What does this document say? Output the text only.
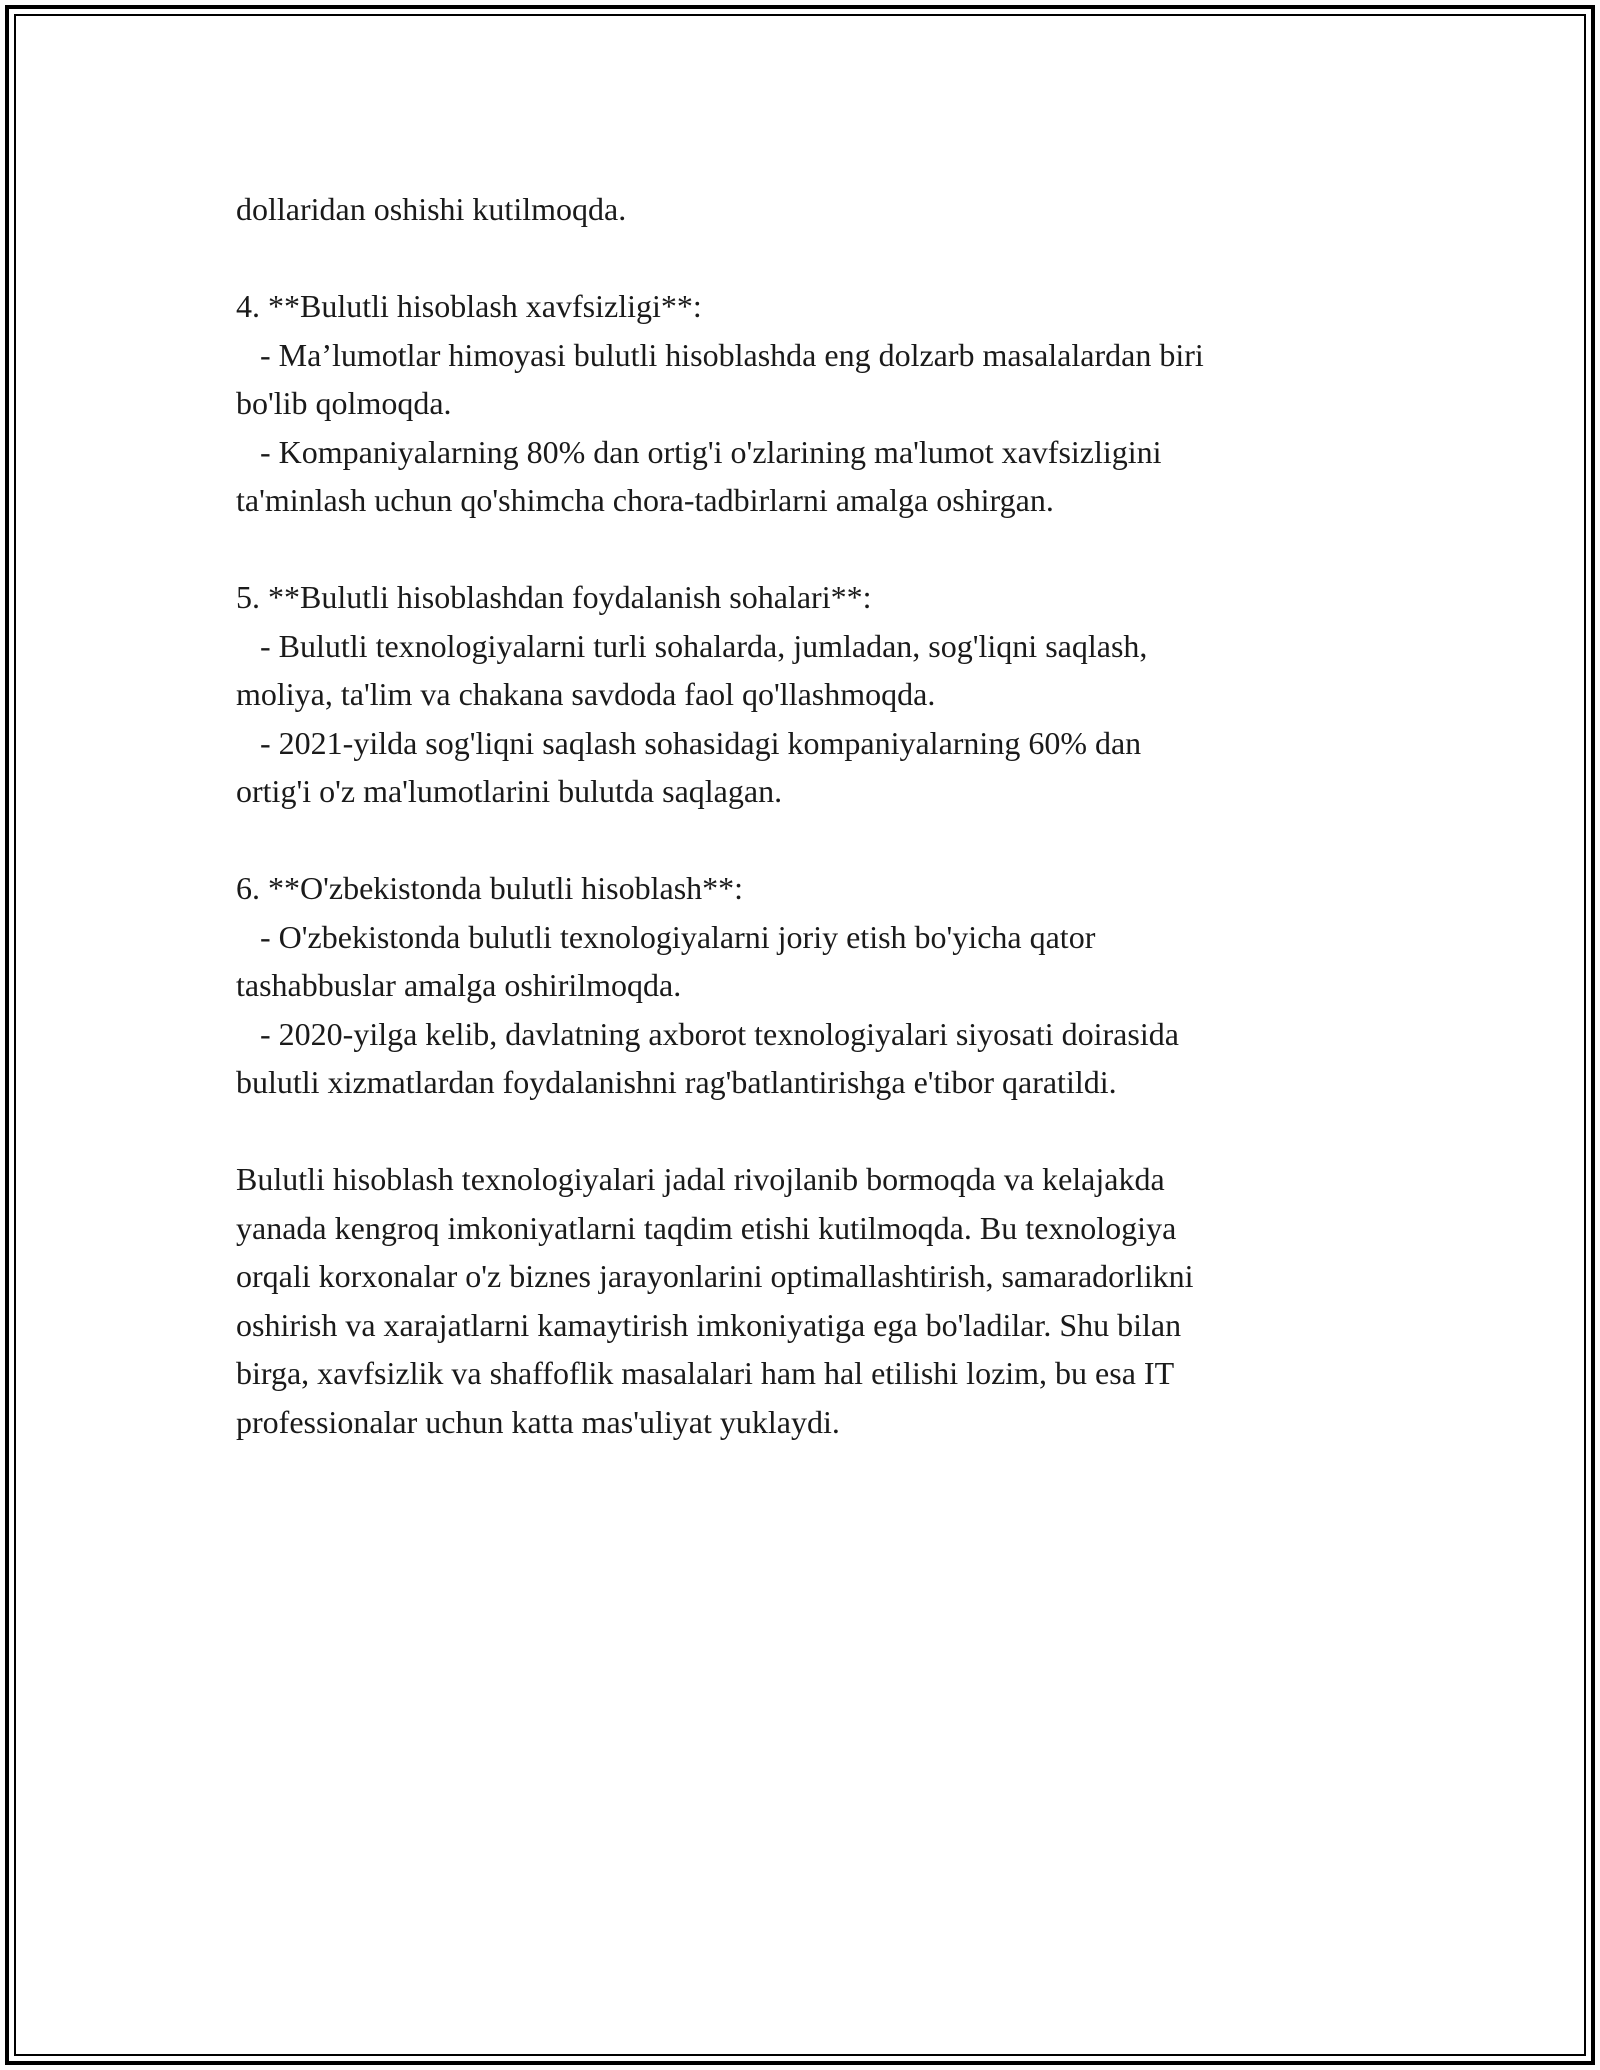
dollaridan oshishi kutilmoqda.

4. **Bulutli hisoblash xavfsizligi**:

- Ma’lumotlar himoyasi bulutli hisoblashda eng dolzarb masalalardan biri

bo'lib qolmoqda.

- Kompaniyalarning 80% dan ortig'i o'zlarining ma'lumot xavfsizligini

ta'minlash uchun qo'shimcha chora-tadbirlarni amalga oshirgan.

5. **Bulutli hisoblashdan foydalanish sohalari**:

- Bulutli texnologiyalarni turli sohalarda, jumladan, sog'liqni saqlash,

moliya, ta'lim va chakana savdoda faol qo'llashmoqda.

- 2021-yilda sog'liqni saqlash sohasidagi kompaniyalarning 60% dan

ortig'i o'z ma'lumotlarini bulutda saqlagan.

6. **O'zbekistonda bulutli hisoblash**:

- O'zbekistonda bulutli texnologiyalarni joriy etish bo'yicha qator

tashabbuslar amalga oshirilmoqda.

- 2020-yilga kelib, davlatning axborot texnologiyalari siyosati doirasida

bulutli xizmatlardan foydalanishni rag'batlantirishga e'tibor qaratildi.

Bulutli hisoblash texnologiyalari jadal rivojlanib bormoqda va kelajakda

yanada kengroq imkoniyatlarni taqdim etishi kutilmoqda. Bu texnologiya

orqali korxonalar o'z biznes jarayonlarini optimallashtirish, samaradorlikni

oshirish va xarajatlarni kamaytirish imkoniyatiga ega bo'ladilar. Shu bilan

birga, xavfsizlik va shaffoflik masalalari ham hal etilishi lozim, bu esa IT

professionalar uchun katta mas'uliyat yuklaydi.
